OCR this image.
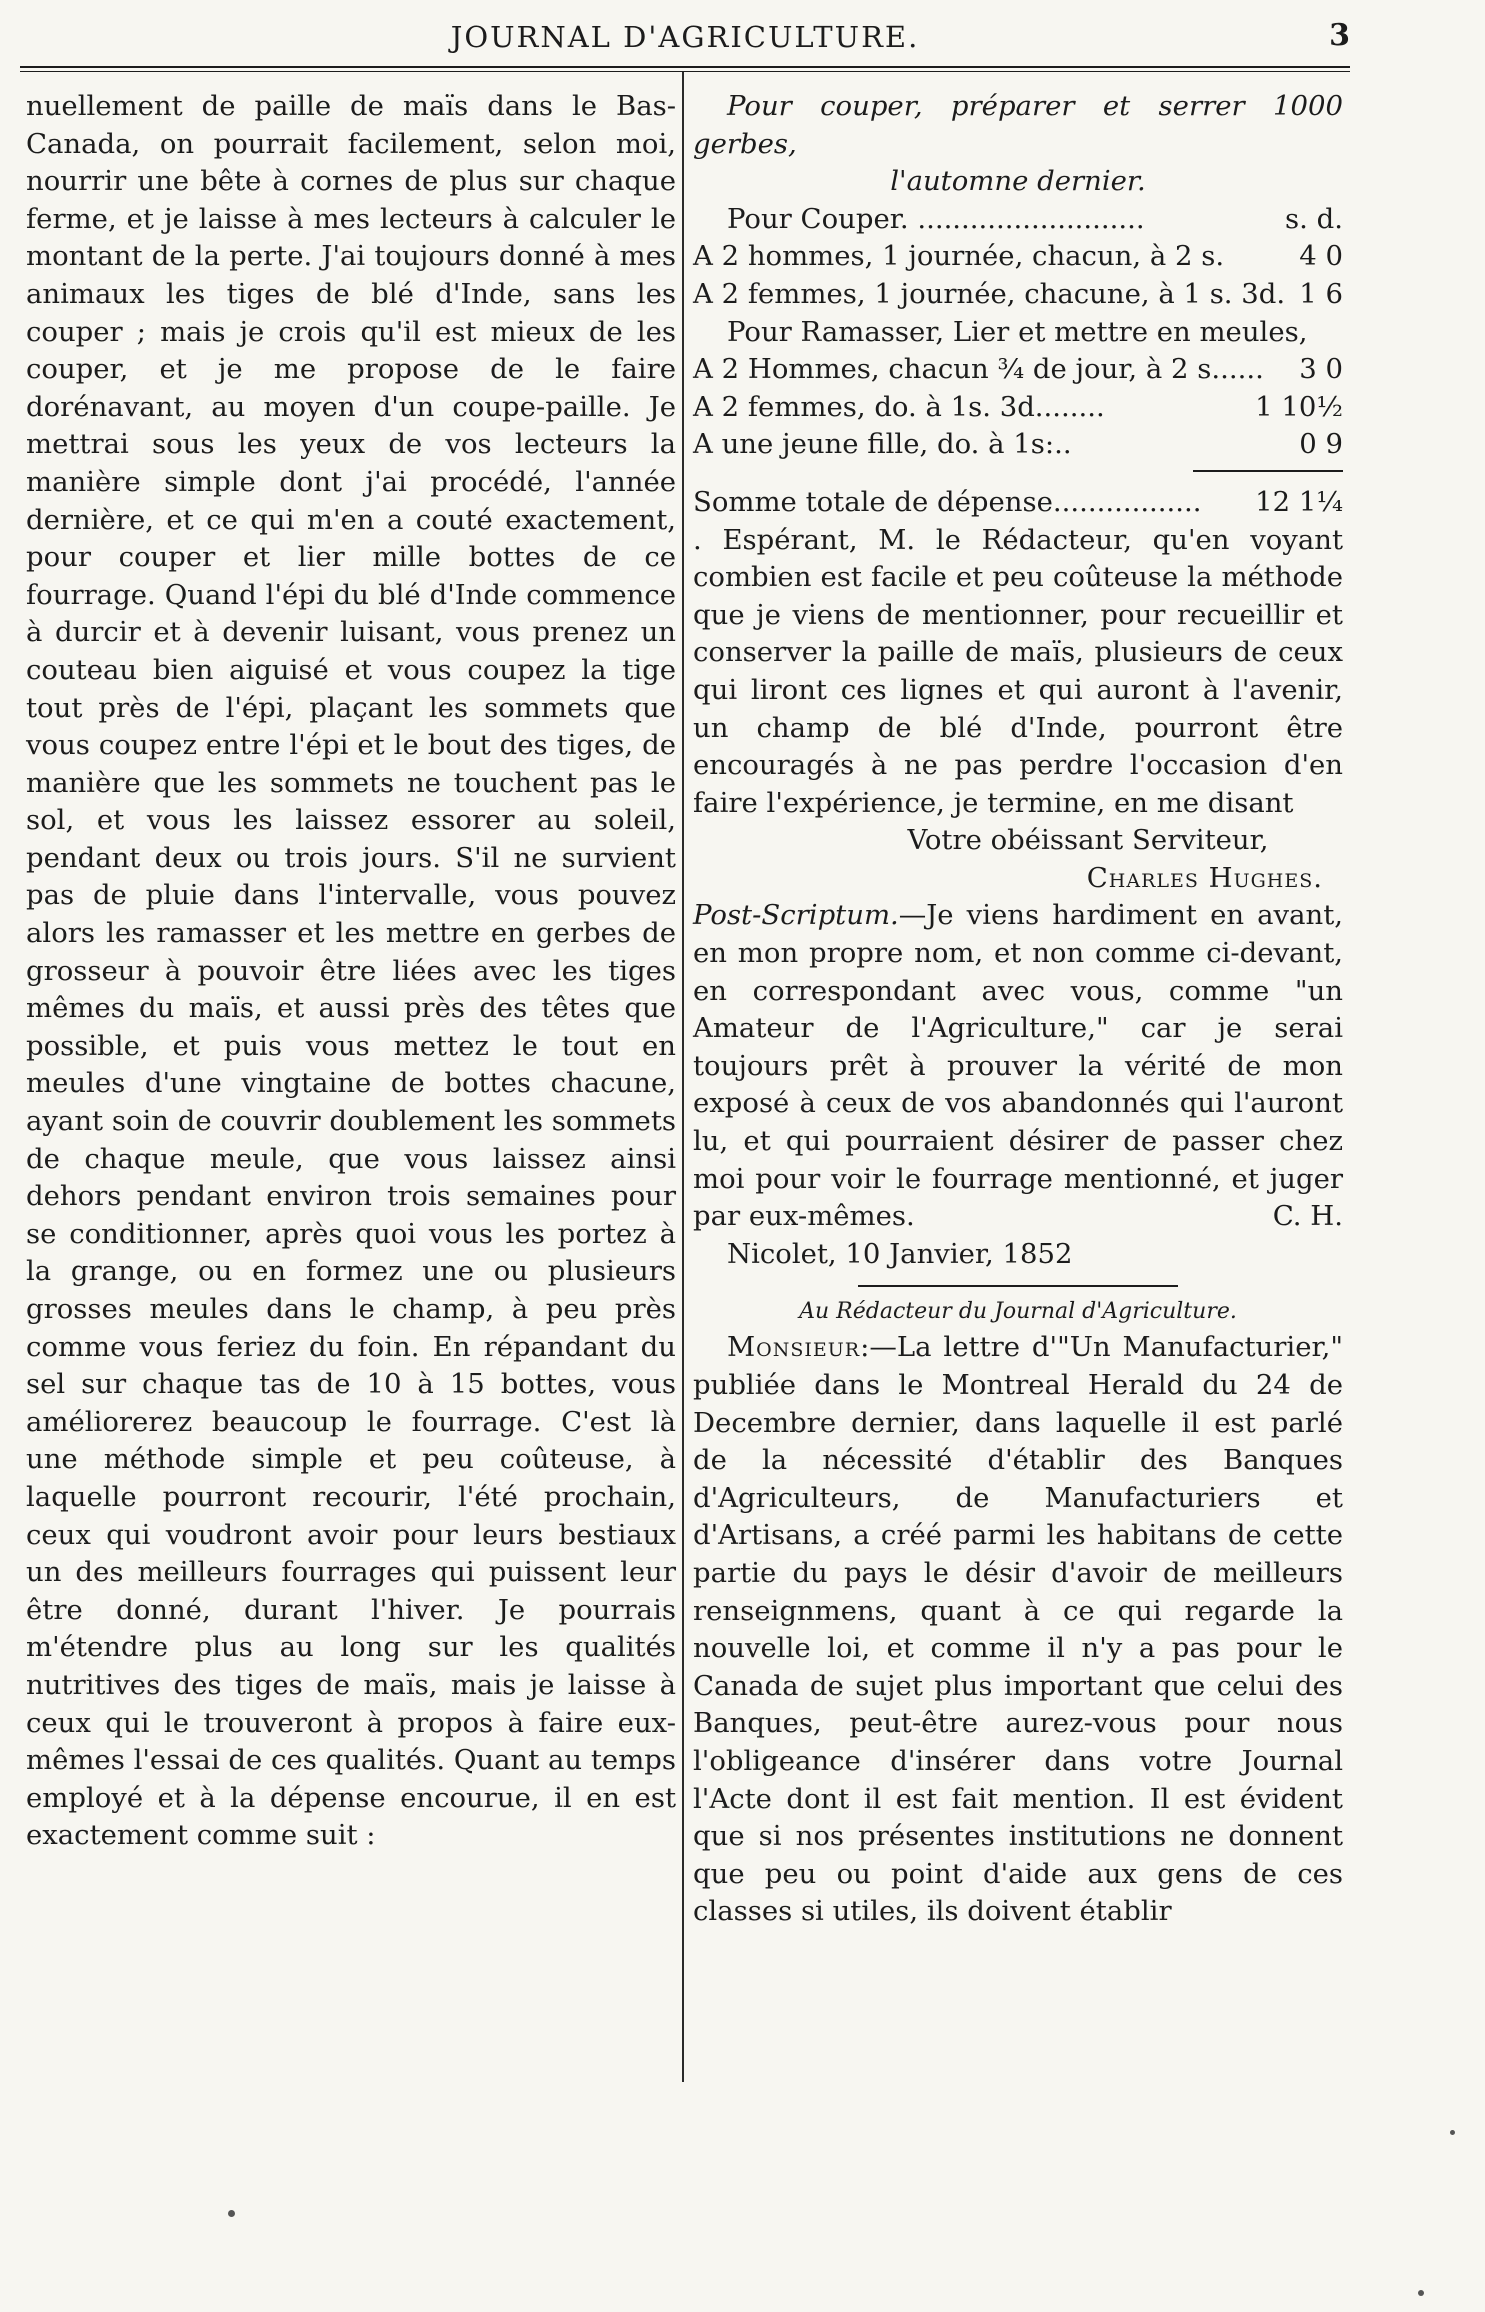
JOURNAL D'AGRICULTURE.	3

nuellement de paille de maïs dans le Bas-Canada, on pourrait facilement, selon moi, nourrir une bête à cornes de plus sur chaque ferme, et je laisse à mes lecteurs à calculer le montant de la perte. J'ai toujours donné à mes animaux les tiges de blé d'Inde, sans les couper ; mais je crois qu'il est mieux de les couper, et je me propose de le faire dorénavant, au moyen d'un coupe-paille. Je mettrai sous les yeux de vos lecteurs la manière simple dont j'ai procédé, l'année dernière, et ce qui m'en a couté exactement, pour couper et lier mille bottes de ce fourrage. Quand l'épi du blé d'Inde commence à durcir et à devenir luisant, vous prenez un couteau bien aiguisé et vous coupez la tige tout près de l'épi, plaçant les sommets que vous coupez entre l'épi et le bout des tiges, de manière que les sommets ne touchent pas le sol, et vous les laissez essorer au soleil, pendant deux ou trois jours. S'il ne survient pas de pluie dans l'intervalle, vous pouvez alors les ramasser et les mettre en gerbes de grosseur à pouvoir être liées avec les tiges mêmes du maïs, et aussi près des têtes que possible, et puis vous mettez le tout en meules d'une vingtaine de bottes chacune, ayant soin de couvrir doublement les sommets de chaque meule, que vous laissez ainsi dehors pendant environ trois semaines pour se conditionner, après quoi vous les portez à la grange, ou en formez une ou plusieurs grosses meules dans le champ, à peu près comme vous feriez du foin. En répandant du sel sur chaque tas de 10 à 15 bottes, vous améliorerez beaucoup le fourrage. C'est là une méthode simple et peu coûteuse, à laquelle pourront recourir, l'été prochain, ceux qui voudront avoir pour leurs bestiaux un des meilleurs fourrages qui puissent leur être donné, durant l'hiver. Je pourrais m'étendre plus au long sur les qualités nutritives des tiges de maïs, mais je laisse à ceux qui le trouveront à propos à faire eux-mêmes l'essai de ces qualités. Quant au temps employé et à la dépense encourue, il en est exactement comme suit :

Pour couper, préparer et serrer 1000 gerbes,

l'automne dernier.

Pour Couper. ..........................	s. d.
A 2 hommes, 1 journée, chacun, à 2 s.	4 0
A 2 femmes, 1 journée, chacune, à 1 s. 3d. 1 6

Pour Ramasser, Lier et mettre en meules,

A 2 Hommes, chacun ¾ de jour, à 2 s...... 3 0
A 2 femmes, do. à 1s. 3d........	1 10½
A une jeune fille, do. à 1s:..	0 9
Somme totale de dépense................. 12 1¼

. Espérant, M. le Rédacteur, qu'en voyant combien est facile et peu coûteuse la méthode que je viens de mentionner, pour recueillir et conserver la paille de maïs, plusieurs de ceux qui liront ces lignes et qui auront à l'avenir, un champ de blé d'Inde, pourront être encouragés à ne pas perdre l'occasion d'en faire l'expérience, je termine, en me disant

Votre obéissant Serviteur,

Charles Hughes.

Post-Scriptum.—Je viens hardiment en avant, en mon propre nom, et non comme ci-devant, en correspondant avec vous, comme "un Amateur de l'Agriculture," car je serai toujours prêt à prouver la vérité de mon exposé à ceux de vos abandonnés qui l'auront lu, et qui pourraient désirer de passer chez moi pour voir le fourrage mentionné, et juger par eux-mêmes.	C. H.

Nicolet, 10 Janvier, 1852

Au Rédacteur du Journal d'Agriculture.

Monsieur:—La lettre d'"Un Manufacturier," publiée dans le Montreal Herald du 24 de Decembre dernier, dans laquelle il est parlé de la nécessité d'établir des Banques d'Agriculteurs, de Manufacturiers et d'Artisans, a créé parmi les habitans de cette partie du pays le désir d'avoir de meilleurs renseignmens, quant à ce qui regarde la nouvelle loi, et comme il n'y a pas pour le Canada de sujet plus important que celui des Banques, peut-être aurez-vous pour nous l'obligeance d'insérer dans votre Journal l'Acte dont il est fait mention. Il est évident que si nos présentes institutions ne donnent que peu ou point d'aide aux gens de ces classes si utiles, ils doivent établir
